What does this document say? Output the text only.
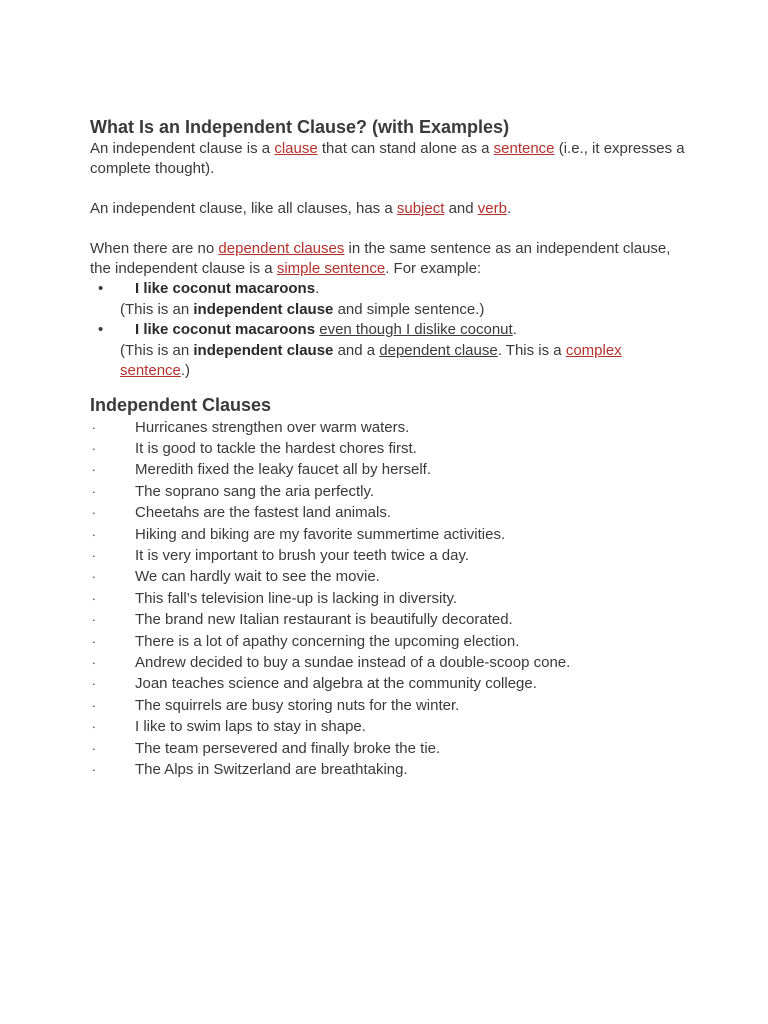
What Is an Independent Clause? (with Examples)

An independent clause is a clause that can stand alone as a sentence (i.e., it expresses a complete thought).

An independent clause, like all clauses, has a subject and verb.

When there are no dependent clauses in the same sentence as an independent clause, the independent clause is a simple sentence. For example:

• I like coconut macaroons.
(This is an independent clause and simple sentence.)
• I like coconut macaroons even though I dislike coconut.
(This is an independent clause and a dependent clause. This is a complex sentence.)
Independent Clauses
∙	Hurricanes strengthen over warm waters.
∙	It is good to tackle the hardest chores first.
∙	Meredith fixed the leaky faucet all by herself.
∙	The soprano sang the aria perfectly.
∙	Cheetahs are the fastest land animals.
∙	Hiking and biking are my favorite summertime activities.
∙	It is very important to brush your teeth twice a day.
∙	We can hardly wait to see the movie.
∙	This fall’s television line-up is lacking in diversity.
∙	The brand new Italian restaurant is beautifully decorated.
∙	There is a lot of apathy concerning the upcoming election.
∙	Andrew decided to buy a sundae instead of a double-scoop cone.
∙	Joan teaches science and algebra at the community college.
∙	The squirrels are busy storing nuts for the winter.
∙	I like to swim laps to stay in shape.
∙	The team persevered and finally broke the tie.
∙	The Alps in Switzerland are breathtaking.
